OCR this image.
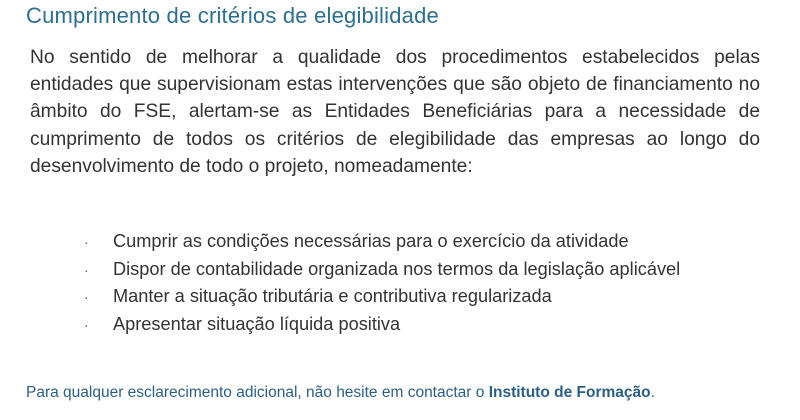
Cumprimento de critérios de elegibilidade

No sentido de melhorar a qualidade dos procedimentos estabelecidos pelas entidades que supervisionam estas intervenções que são objeto de financiamento no âmbito do FSE, alertam-se as Entidades Beneficiárias para a necessidade de cumprimento de todos os critérios de elegibilidade das empresas ao longo do desenvolvimento de todo o projeto, nomeadamente:

·	Cumprir as condições necessárias para o exercício da atividade
·	Dispor de contabilidade organizada nos termos da legislação aplicável
·	Manter a situação tributária e contributiva regularizada
·	Apresentar situação líquida positiva
Para qualquer esclarecimento adicional, não hesite em contactar o Instituto de Formação.
